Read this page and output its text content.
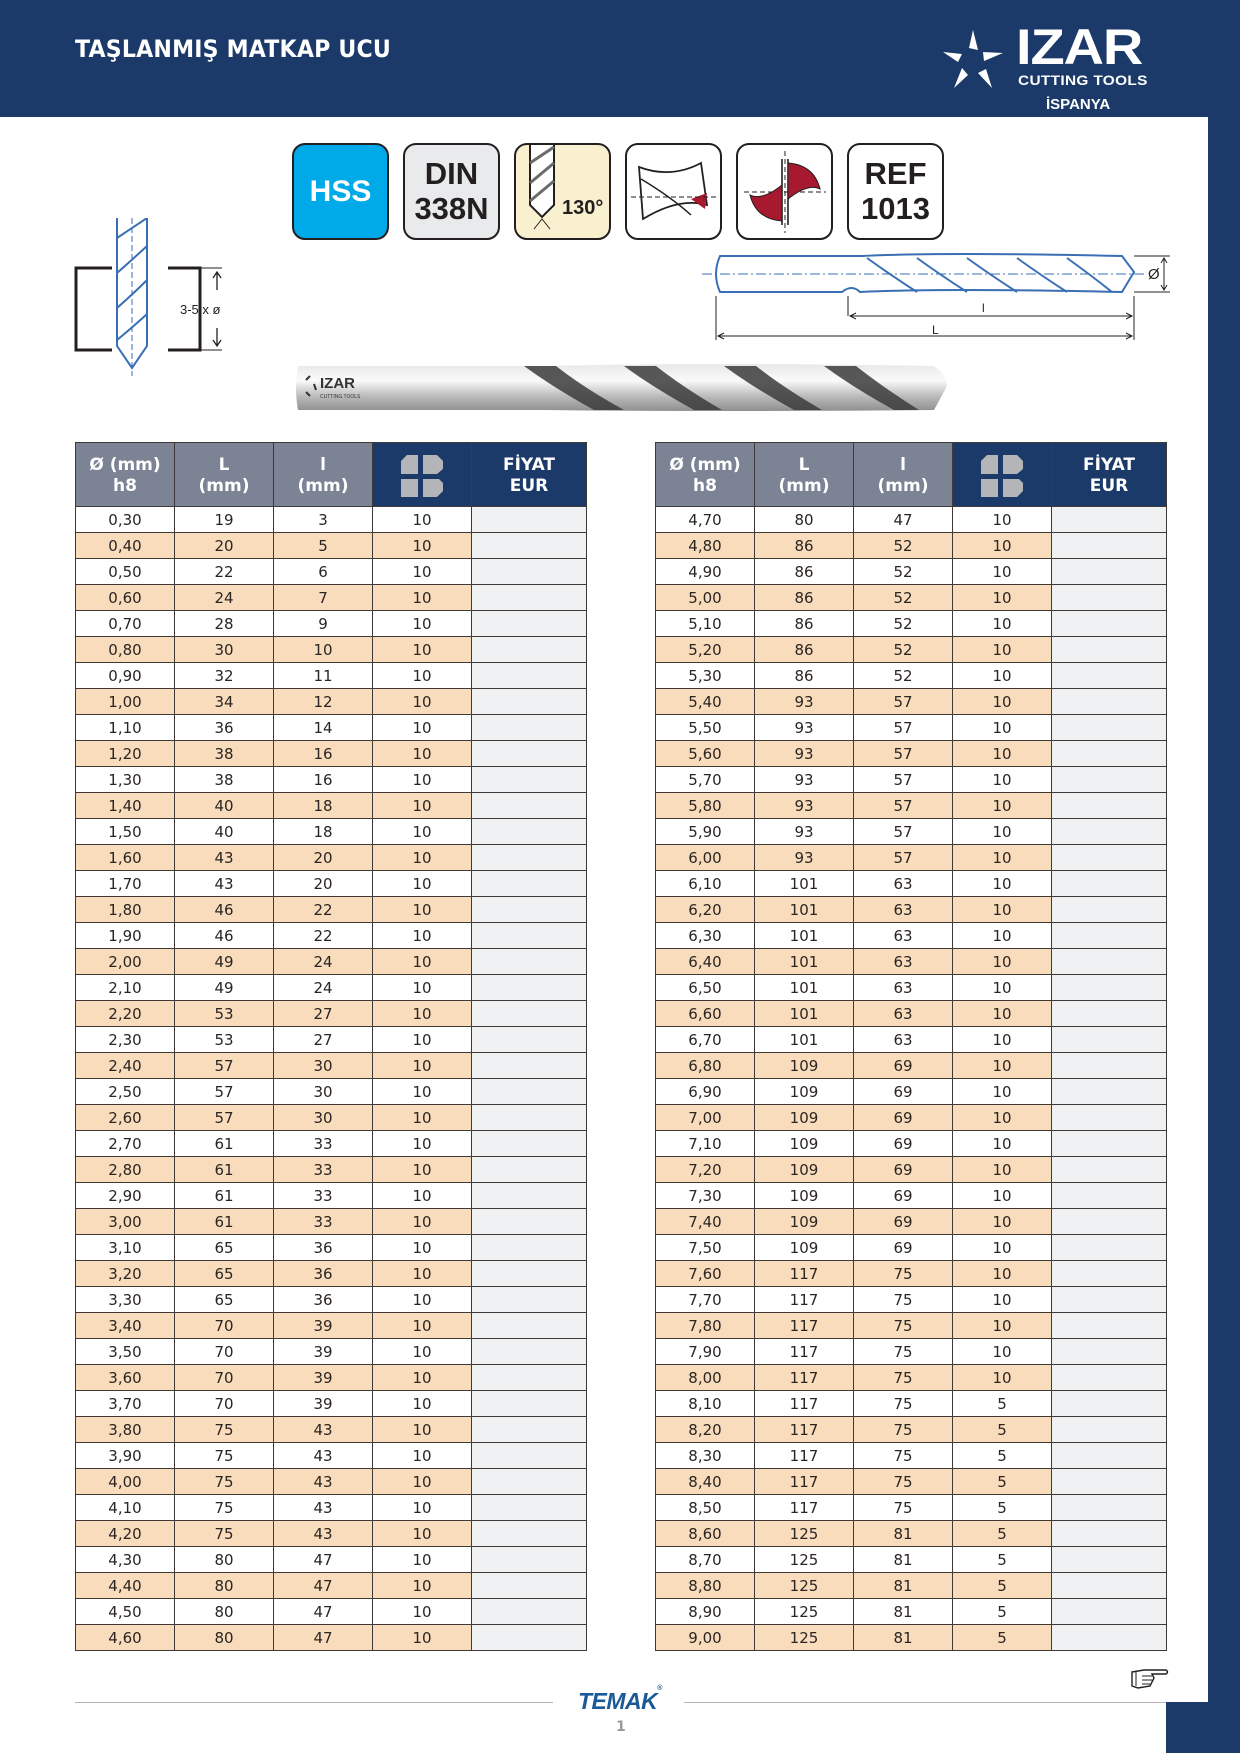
TAŞLANMIŞ MATKAP UCU	IZAR
CUTTING TOOLS
İSPANYA
HSS
DIN
338N	130°
REF
1013
3-5 x ø	l
L
Ø
IZAR
CUTTING TOOLS
Ø (mm)
h8	L
(mm)	l
(mm)		FİYAT
EUR
0,30	19	3	10	
0,40	20	5	10	
0,50	22	6	10	
0,60	24	7	10	
0,70	28	9	10	
0,80	30	10	10	
0,90	32	11	10	
1,00	34	12	10	
1,10	36	14	10	
1,20	38	16	10	
1,30	38	16	10	
1,40	40	18	10	
1,50	40	18	10	
1,60	43	20	10	
1,70	43	20	10	
1,80	46	22	10	
1,90	46	22	10	
2,00	49	24	10	
2,10	49	24	10	
2,20	53	27	10	
2,30	53	27	10	
2,40	57	30	10	
2,50	57	30	10	
2,60	57	30	10	
2,70	61	33	10	
2,80	61	33	10	
2,90	61	33	10	
3,00	61	33	10	
3,10	65	36	10	
3,20	65	36	10	
3,30	65	36	10	
3,40	70	39	10	
3,50	70	39	10	
3,60	70	39	10	
3,70	70	39	10	
3,80	75	43	10	
3,90	75	43	10	
4,00	75	43	10	
4,10	75	43	10	
4,20	75	43	10	
4,30	80	47	10	
4,40	80	47	10	
4,50	80	47	10	
4,60	80	47	10	
Ø (mm)
h8	L
(mm)	l
(mm)		FİYAT
EUR
4,70	80	47	10	
4,80	86	52	10	
4,90	86	52	10	
5,00	86	52	10	
5,10	86	52	10	
5,20	86	52	10	
5,30	86	52	10	
5,40	93	57	10	
5,50	93	57	10	
5,60	93	57	10	
5,70	93	57	10	
5,80	93	57	10	
5,90	93	57	10	
6,00	93	57	10	
6,10	101	63	10	
6,20	101	63	10	
6,30	101	63	10	
6,40	101	63	10	
6,50	101	63	10	
6,60	101	63	10	
6,70	101	63	10	
6,80	109	69	10	
6,90	109	69	10	
7,00	109	69	10	
7,10	109	69	10	
7,20	109	69	10	
7,30	109	69	10	
7,40	109	69	10	
7,50	109	69	10	
7,60	117	75	10	
7,70	117	75	10	
7,80	117	75	10	
7,90	117	75	10	
8,00	117	75	10	
8,10	117	75	5	
8,20	117	75	5	
8,30	117	75	5	
8,40	117	75	5	
8,50	117	75	5	
8,60	125	81	5	
8,70	125	81	5	
8,80	125	81	5	
8,90	125	81	5	
9,00	125	81	5	
TEMAK®
1
